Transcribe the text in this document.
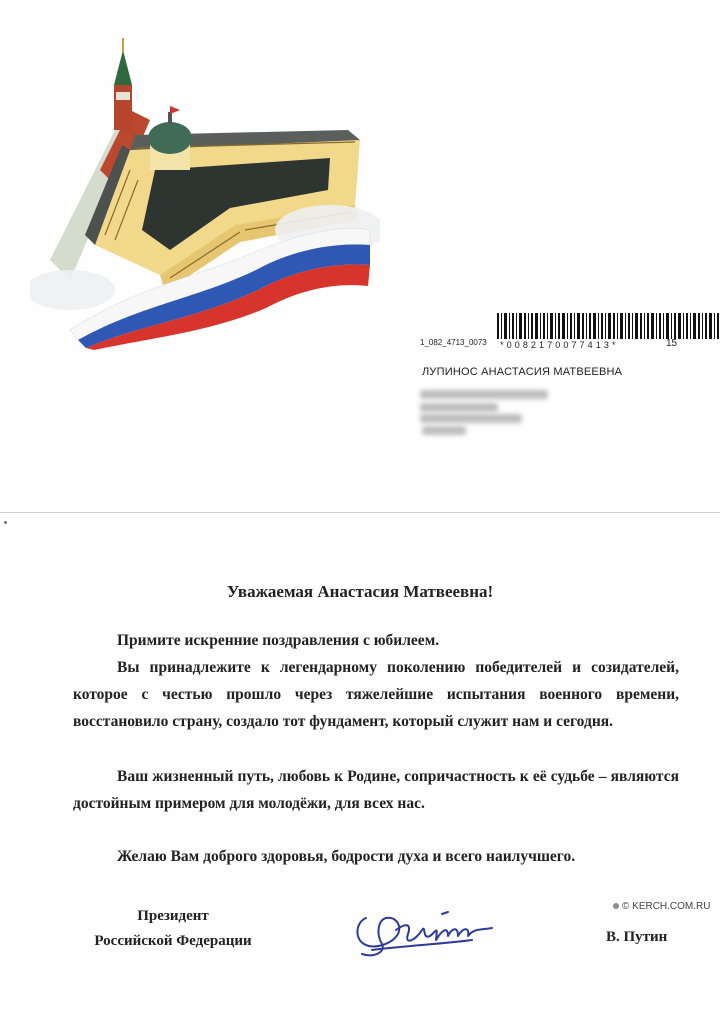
1_082_4713_0073 *0082170077413*	15
ЛУПИНОС АНАСТАСИЯ МАТВЕЕВНА
Уважаемая Анастасия Матвеевна!

Примите искренние поздравления с юбилеем.

Вы принадлежите к легендарному поколению победителей и созидателей, которое с честью прошло через тяжелейшие испытания военного времени, восстановило страну, создало тот фундамент, который служит нам и сегодня.

Ваш жизненный путь, любовь к Родине, сопричастность к её судьбе – являются достойным примером для молодёжи, для всех нас.

Желаю Вам доброго здоровья, бодрости духа и всего наилучшего.

Президент
Российской Федерации	В. Путин
© KERCH.COM.RU
